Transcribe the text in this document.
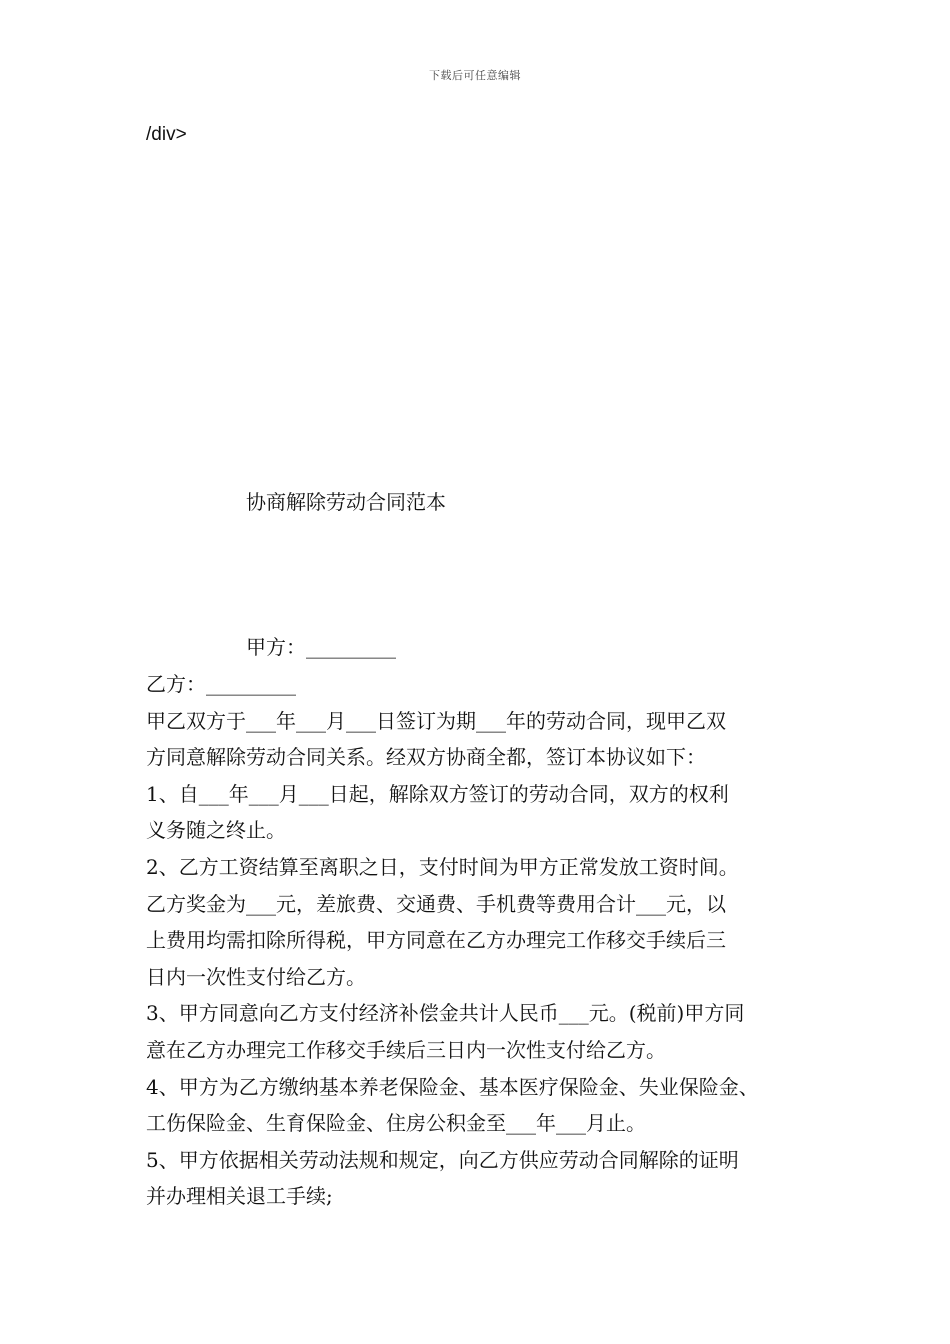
下载后可任意编辑
/div>
协商解除劳动合同范本
甲方：_________
乙方：_________
甲乙双方于___年___月___日签订为期___年的劳动合同，现甲乙双
方同意解除劳动合同关系。经双方协商全都，签订本协议如下：
1、自___年___月___日起，解除双方签订的劳动合同，双方的权利
义务随之终止。
2、乙方工资结算至离职之日，支付时间为甲方正常发放工资时间。
乙方奖金为___元，差旅费、交通费、手机费等费用合计___元，以
上费用均需扣除所得税，甲方同意在乙方办理完工作移交手续后三
日内一次性支付给乙方。
3、甲方同意向乙方支付经济补偿金共计人民币___元。(税前)甲方同
意在乙方办理完工作移交手续后三日内一次性支付给乙方。
4、甲方为乙方缴纳基本养老保险金、基本医疗保险金、失业保险金、
工伤保险金、生育保险金、住房公积金至___年___月止。
5、甲方依据相关劳动法规和规定，向乙方供应劳动合同解除的证明
并办理相关退工手续;
